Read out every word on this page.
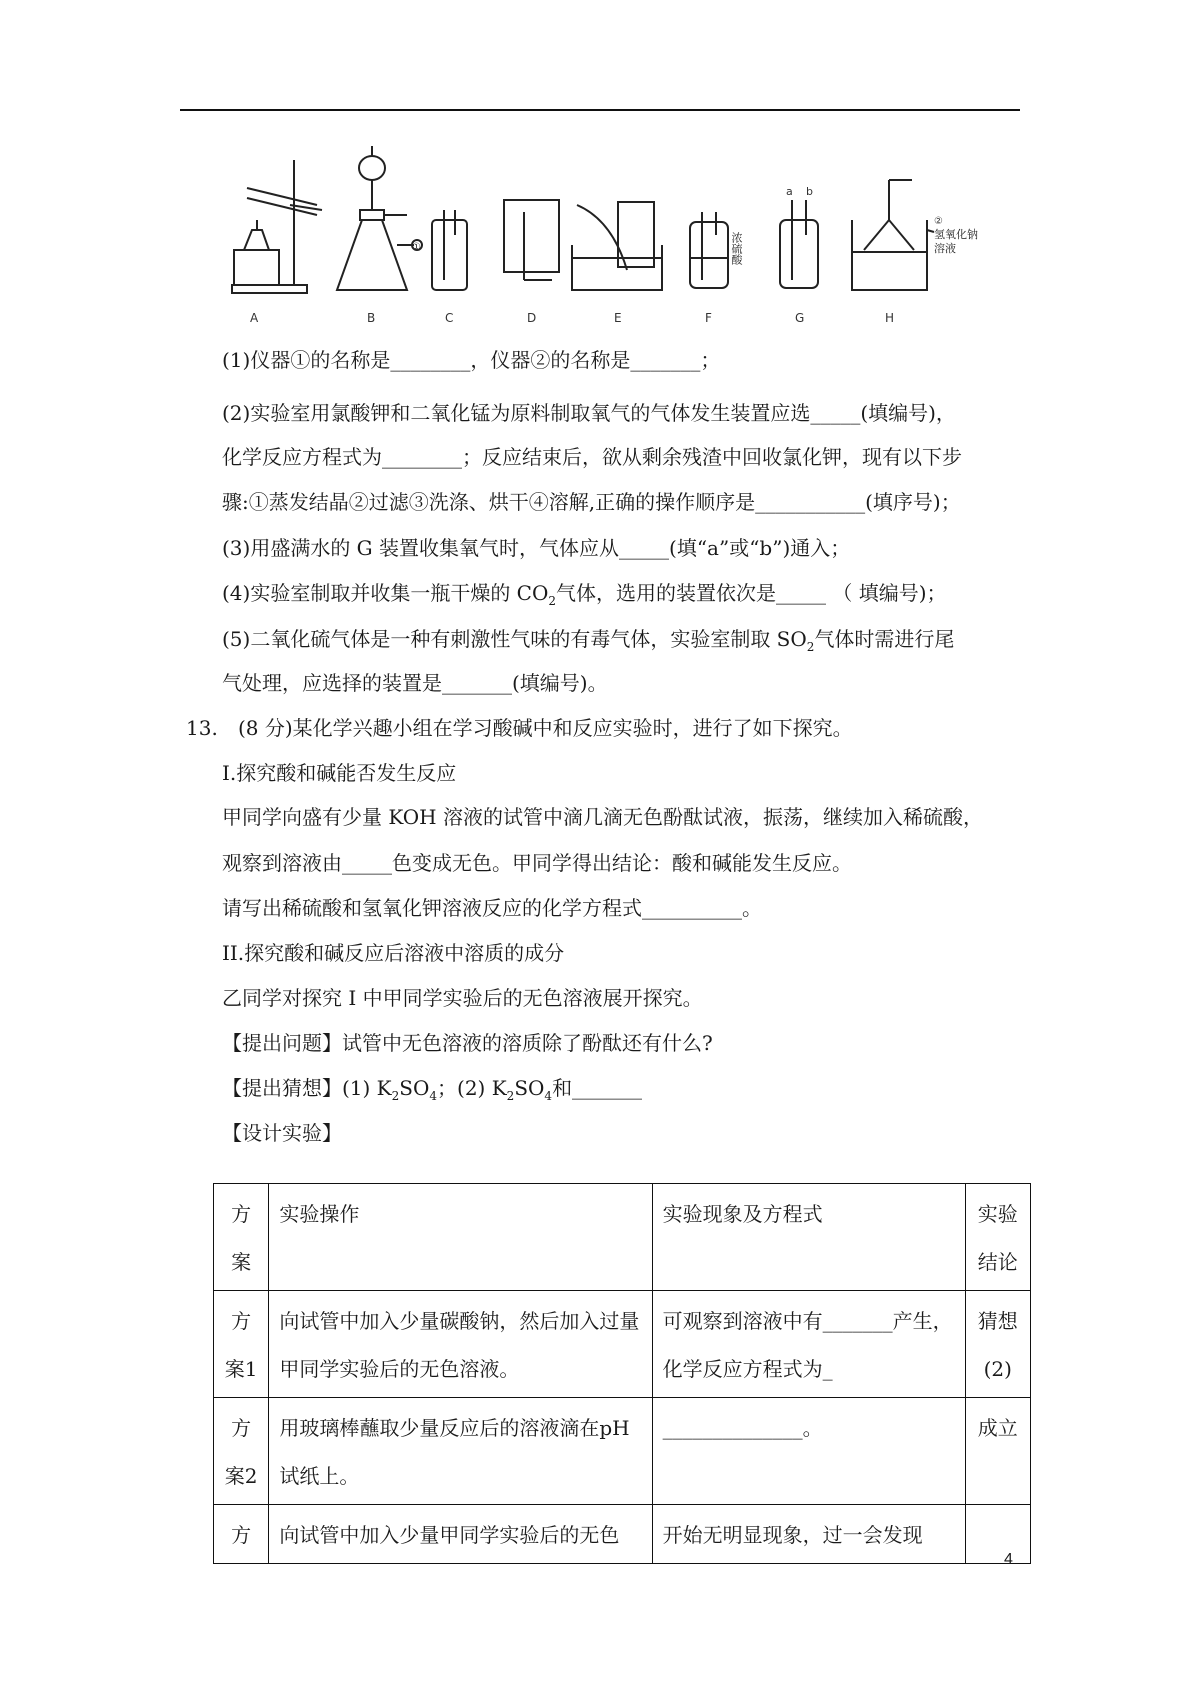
A	B	C	D	E	F	G	H
①
a b
②
浓硫酸	氢氧化钠溶液
(1)仪器①的名称是________，仪器②的名称是_______；
(2)实验室用氯酸钾和二氧化锰为原料制取氧气的气体发生装置应选_____(填编号)，
化学反应方程式为________；反应结束后，欲从剩余残渣中回收氯化钾，现有以下步
骤:①蒸发结晶②过滤③洗涤、烘干④溶解,正确的操作顺序是___________(填序号)；
(3)用盛满水的 G 装置收集氧气时，气体应从_____(填“a”或“b”)通入；
(4)实验室制取并收集一瓶干燥的 $CO_2$气体，选用的装置依次是_____ （ 填编号)；
(5)二氧化硫气体是一种有刺激性气味的有毒气体，实验室制取 $SO_2$气体时需进行尾
气处理，应选择的装置是_______(填编号)。
13. (8 分)某化学兴趣小组在学习酸碱中和反应实验时，进行了如下探究。
I.探究酸和碱能否发生反应
甲同学向盛有少量 KOH 溶液的试管中滴几滴无色酚酞试液，振荡，继续加入稀硫酸，
观察到溶液由_____色变成无色。甲同学得出结论：酸和碱能发生反应。
请写出稀硫酸和氢氧化钾溶液反应的化学方程式__________。
II.探究酸和碱反应后溶液中溶质的成分
乙同学对探究 I 中甲同学实验后的无色溶液展开探究。
【提出问题】试管中无色溶液的溶质除了酚酞还有什么?
【提出猜想】(1) $K_2SO_4$；(2) $K_2SO_4$和_______
【设计实验】
方案	实验操作	实验现象及方程式	实验结论
方案1	向试管中加入少量碳酸钠，然后加入过量甲同学实验后的无色溶液。	可观察到溶液中有_______产生，化学反应方程式为_	猜想(2)
方案2	用玻璃棒蘸取少量反应后的溶液滴在pH 试纸上。	______________。	成立
方	向试管中加入少量甲同学实验后的无色	开始无明显现象，过一会发现	
4
